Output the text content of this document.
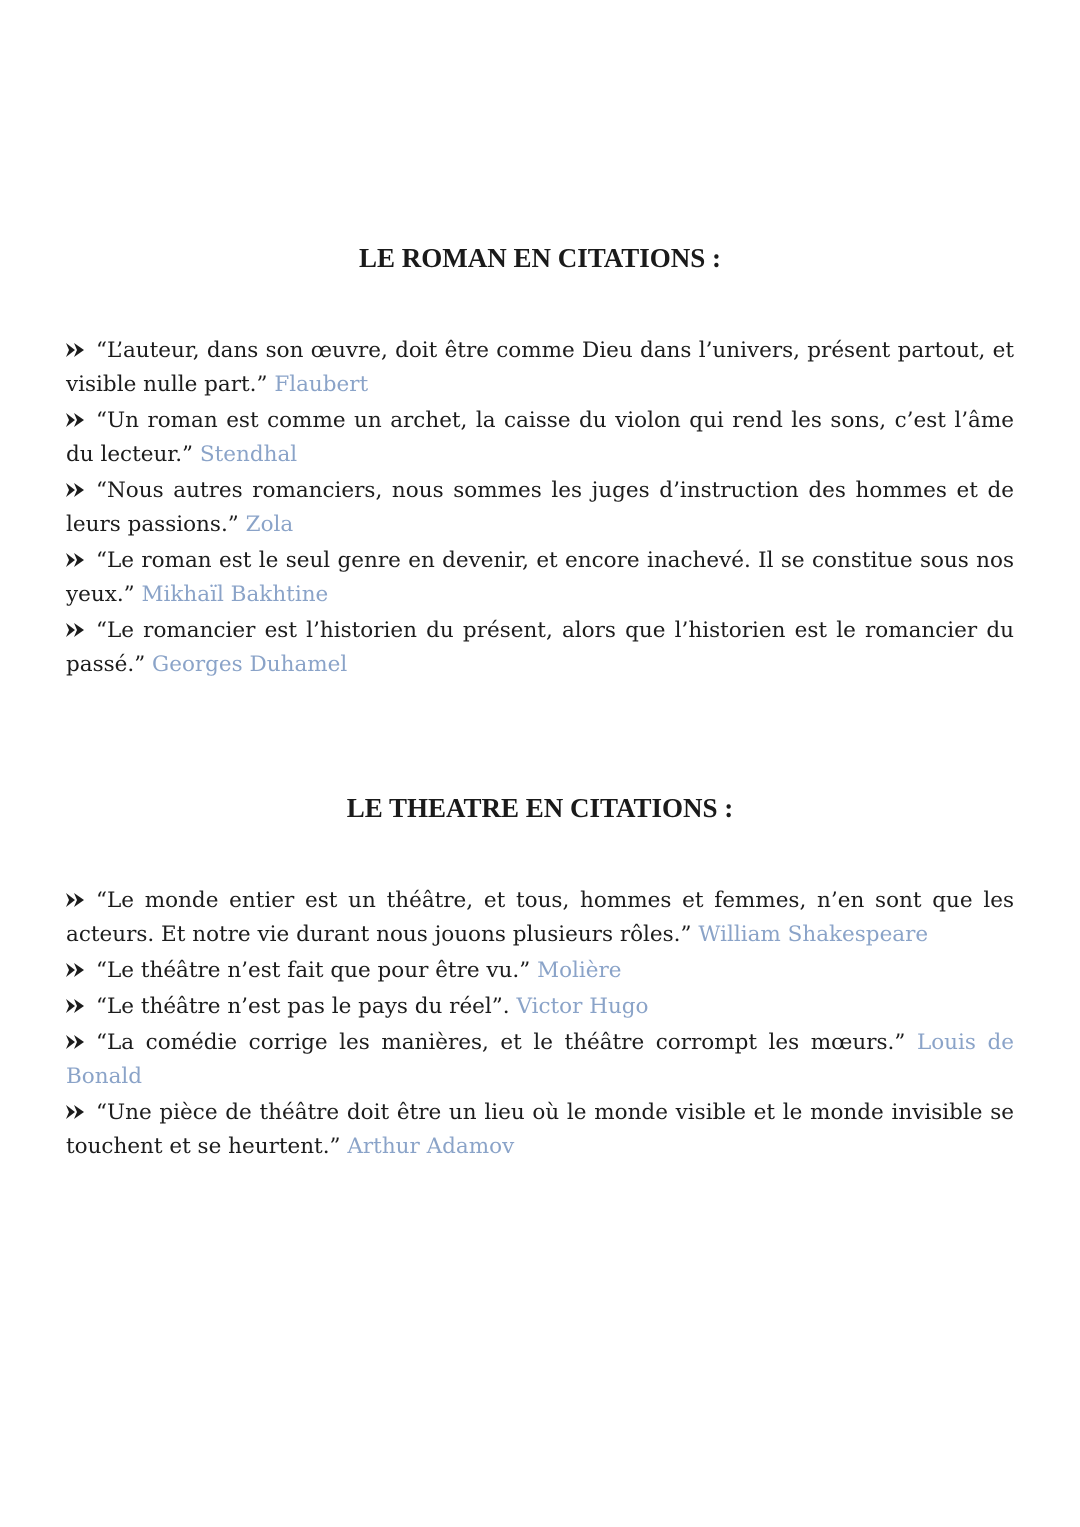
LE ROMAN EN CITATIONS :
“L’auteur, dans son œuvre, doit être comme Dieu dans l’univers, présent partout, et visible nulle part.” Flaubert
“Un roman est comme un archet, la caisse du violon qui rend les sons, c’est l’âme du lecteur.” Stendhal
“Nous autres romanciers, nous sommes les juges d’instruction des hommes et de leurs passions.” Zola
“Le roman est le seul genre en devenir, et encore inachevé. Il se constitue sous nos yeux.” Mikhaïl Bakhtine
“Le romancier est l’historien du présent, alors que l’historien est le romancier du passé.” Georges Duhamel
LE THEATRE EN CITATIONS :
“Le monde entier est un théâtre, et tous, hommes et femmes, n’en sont que les acteurs. Et notre vie durant nous jouons plusieurs rôles.” William Shakespeare
“Le théâtre n’est fait que pour être vu.” Molière
“Le théâtre n’est pas le pays du réel”. Victor Hugo
“La comédie corrige les manières, et le théâtre corrompt les mœurs.” Louis de Bonald
“Une pièce de théâtre doit être un lieu où le monde visible et le monde invisible se touchent et se heurtent.” Arthur Adamov
